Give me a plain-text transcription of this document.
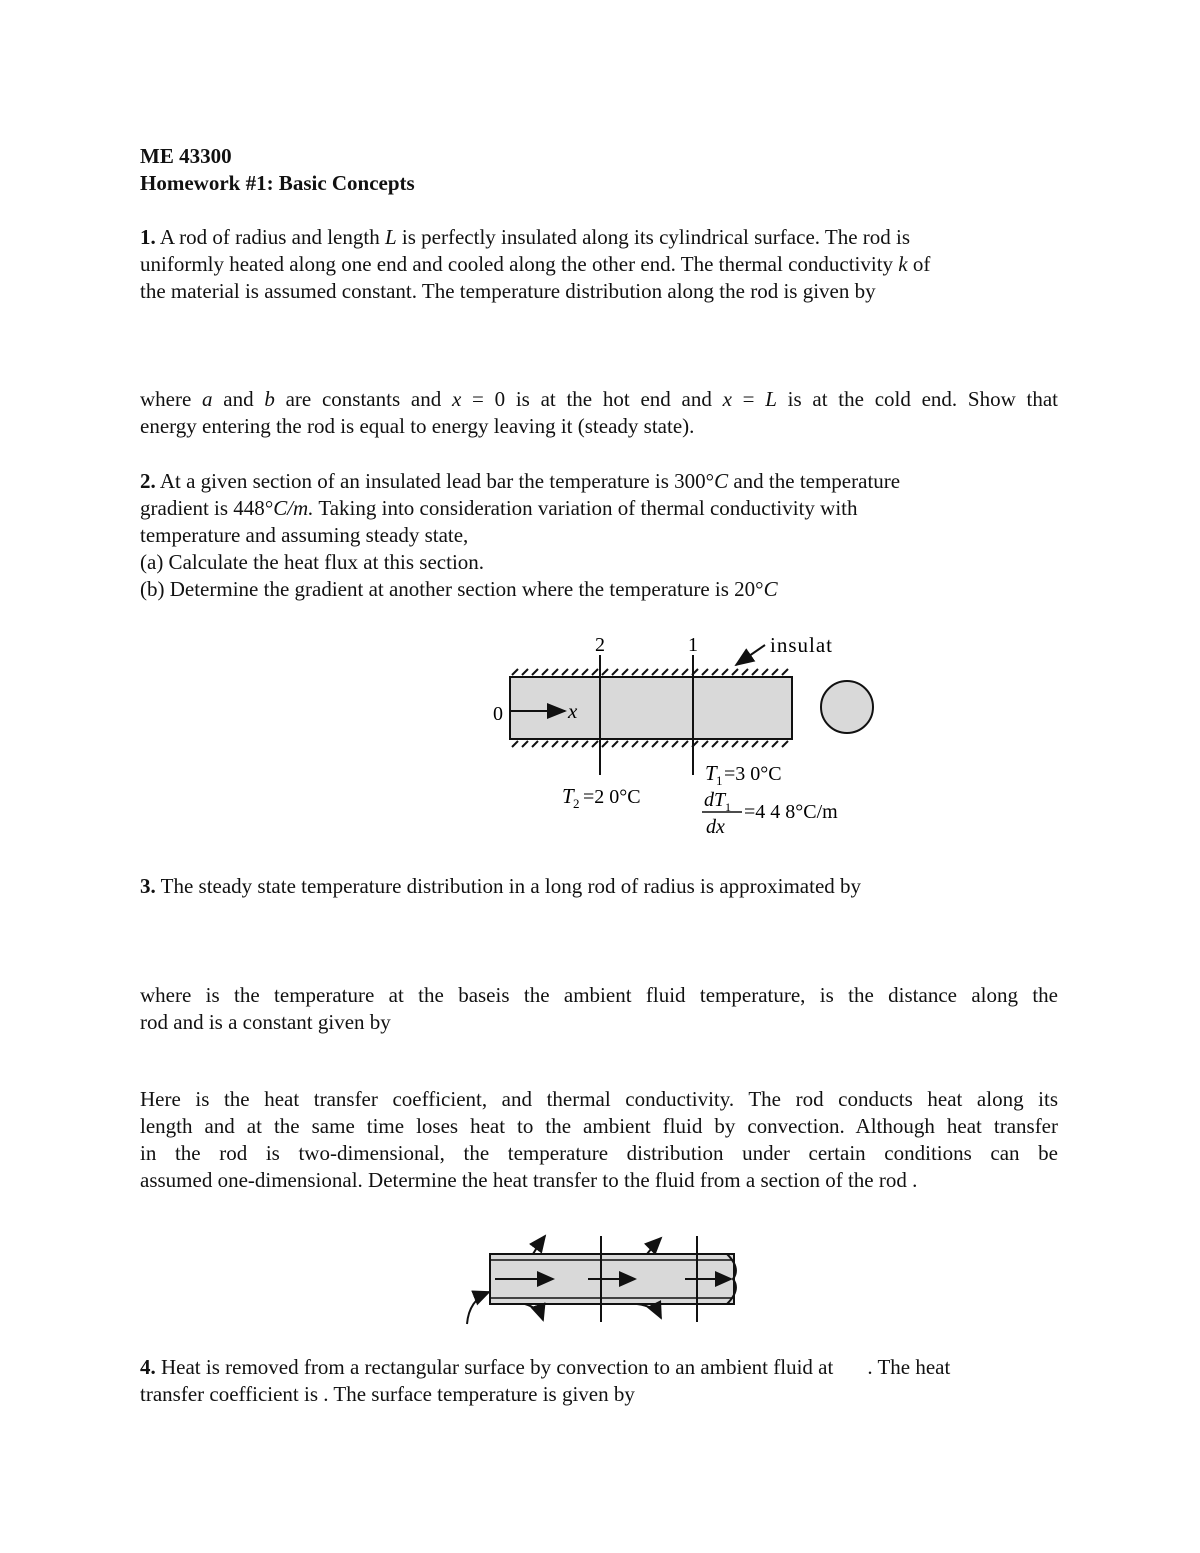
ME 43300
Homework #1: Basic Concepts
1. A rod of radius and length L is perfectly insulated along its cylindrical surface. The rod is
uniformly heated along one end and cooled along the other end. The thermal conductivity k of
the material is assumed constant. The temperature distribution along the rod is given by
where a and b are constants and x = 0 is at the hot end and x = L is at the cold end. Show that
energy entering the rod is equal to energy leaving it (steady state).
2. At a given section of an insulated lead bar the temperature is 300°C and the temperature
gradient is 448°C/m. Taking into consideration variation of thermal conductivity with
temperature and assuming steady state,
(a) Calculate the heat flux at this section.
(b) Determine the gradient at another section where the temperature is 20°C
2	1	insulat
0	x
T 1 =3 0°C
T 2 =2 0°C	dT 1
dx
=4 4 8°C/m
3. The steady state temperature distribution in a long rod of radius is approximated by
where is the temperature at the baseis the ambient fluid temperature, is the distance along the
rod and is a constant given by
Here is the heat transfer coefficient, and thermal conductivity. The rod conducts heat along its
length and at the same time loses heat to the ambient fluid by convection. Although heat transfer
in the rod is two-dimensional, the temperature distribution under certain conditions can be
assumed one-dimensional. Determine the heat transfer to the fluid from a section of the rod .
4. Heat is removed from a rectangular surface by convection to an ambient fluid at . The heat
transfer coefficient is . The surface temperature is given by
